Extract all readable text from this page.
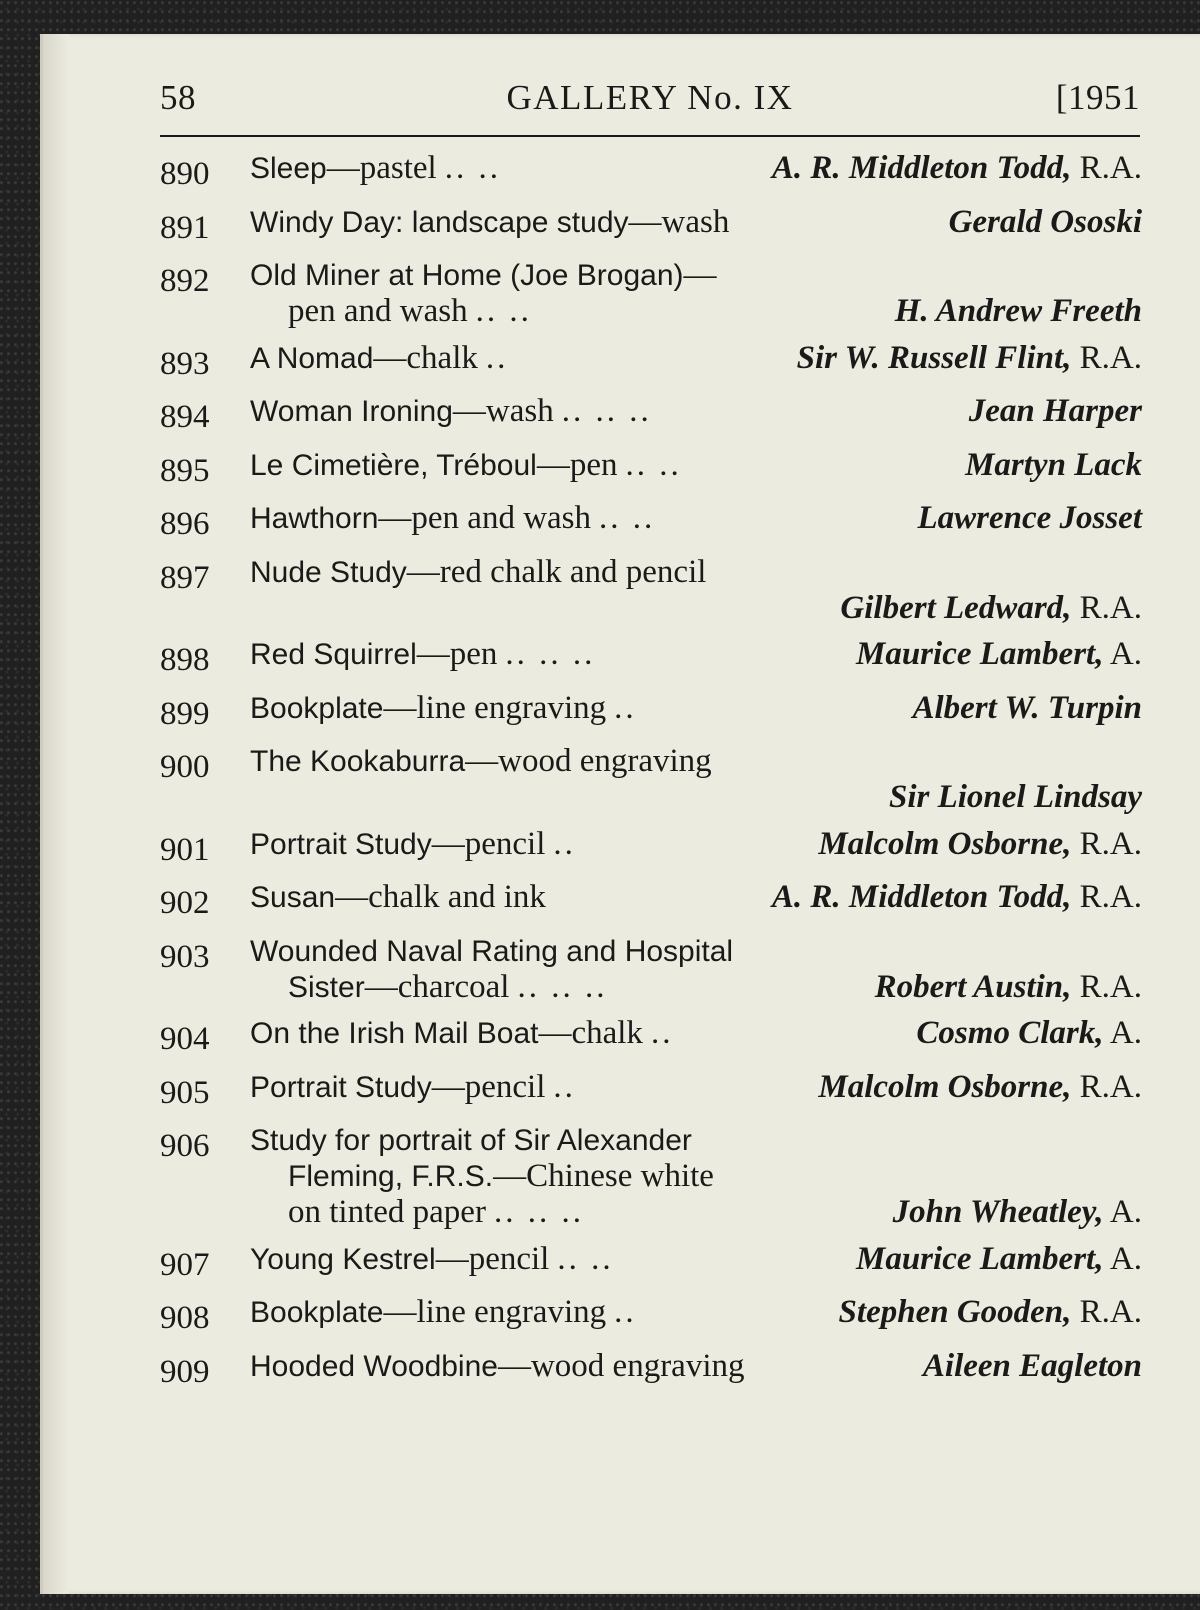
58	GALLERY No. IX	[1951
890	Sleep—pastel .. ..	A. R. Middleton Todd, R.A.
891	Windy Day: landscape study—wash	Gerald Ososki
892	Old Miner at Home (Joe Brogan)—
pen and wash .. ..	H. Andrew Freeth
893	A Nomad—chalk ..	Sir W. Russell Flint, R.A.
894	Woman Ironing—wash .. .. ..	Jean Harper
895	Le Cimetière, Tréboul—pen .. ..	Martyn Lack
896	Hawthorn—pen and wash .. ..	Lawrence Josset
897	Nude Study—red chalk and pencil
Gilbert Ledward, R.A.
898	Red Squirrel—pen .. .. ..	Maurice Lambert, A.
899	Bookplate—line engraving ..	Albert W. Turpin
900	The Kookaburra—wood engraving
Sir Lionel Lindsay
901	Portrait Study—pencil ..	Malcolm Osborne, R.A.
902	Susan—chalk and ink	A. R. Middleton Todd, R.A.
903	Wounded Naval Rating and Hospital
Sister—charcoal .. .. ..	Robert Austin, R.A.
904	On the Irish Mail Boat—chalk ..	Cosmo Clark, A.
905	Portrait Study—pencil ..	Malcolm Osborne, R.A.
906	Study for portrait of Sir Alexander
Fleming, F.R.S.—Chinese white
on tinted paper .. .. ..	John Wheatley, A.
907	Young Kestrel—pencil .. ..	Maurice Lambert, A.
908	Bookplate—line engraving ..	Stephen Gooden, R.A.
909	Hooded Woodbine—wood engraving	Aileen Eagleton
